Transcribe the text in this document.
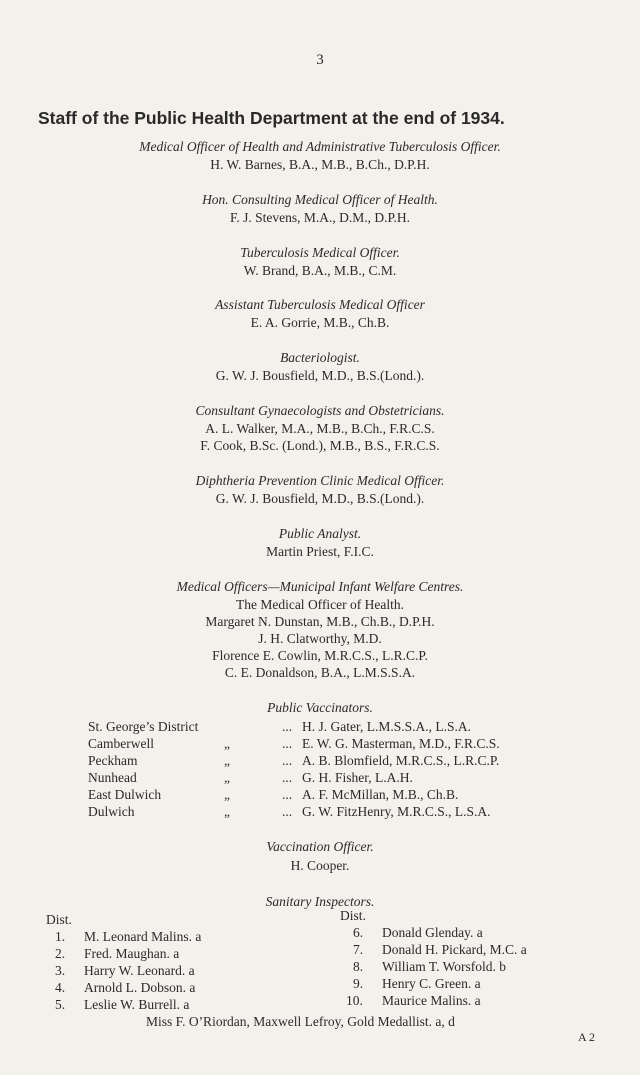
3
Staff of the Public Health Department at the end of 1934.
Medical Officer of Health and Administrative Tuberculosis Officer.
H. W. Barnes, B.A., M.B., B.Ch., D.P.H.
Hon. Consulting Medical Officer of Health.
F. J. Stevens, M.A., D.M., D.P.H.
Tuberculosis Medical Officer.
W. Brand, B.A., M.B., C.M.
Assistant Tuberculosis Medical Officer
E. A. Gorrie, M.B., Ch.B.
Bacteriologist.
G. W. J. Bousfield, M.D., B.S.(Lond.).
Consultant Gynaecologists and Obstetricians.
A. L. Walker, M.A., M.B., B.Ch., F.R.C.S.
F. Cook, B.Sc. (Lond.), M.B., B.S., F.R.C.S.
Diphtheria Prevention Clinic Medical Officer.
G. W. J. Bousfield, M.D., B.S.(Lond.).
Public Analyst.
Martin Priest, F.I.C.
Medical Officers—Municipal Infant Welfare Centres.
The Medical Officer of Health.
Margaret N. Dunstan, M.B., Ch.B., D.P.H.
J. H. Clatworthy, M.D.
Florence E. Cowlin, M.R.C.S., L.R.C.P.
C. E. Donaldson, B.A., L.M.S.S.A.
Public Vaccinators.
St. George’s District	... H. J. Gater, L.M.S.S.A., L.S.A.
Camberwell	„	... E. W. G. Masterman, M.D., F.R.C.S.
Peckham	„	... A. B. Blomfield, M.R.C.S., L.R.C.P.
Nunhead	„	... G. H. Fisher, L.A.H.
East Dulwich	„	... A. F. McMillan, M.B., Ch.B.
Dulwich	„	... G. W. FitzHenry, M.R.C.S., L.S.A.
Vaccination Officer.
H. Cooper.
Sanitary Inspectors.
Dist.	Dist.
1. M. Leonard Malins. a
2. Fred. Maughan. a
3. Harry W. Leonard. a
4. Arnold L. Dobson. a
5. Leslie W. Burrell. a
6. Donald Glenday. a
7. Donald H. Pickard, M.C. a
8. William T. Worsfold. b
9. Henry C. Green. a
10. Maurice Malins. a
Miss F. O’Riordan, Maxwell Lefroy, Gold Medallist. a, d
A 2
